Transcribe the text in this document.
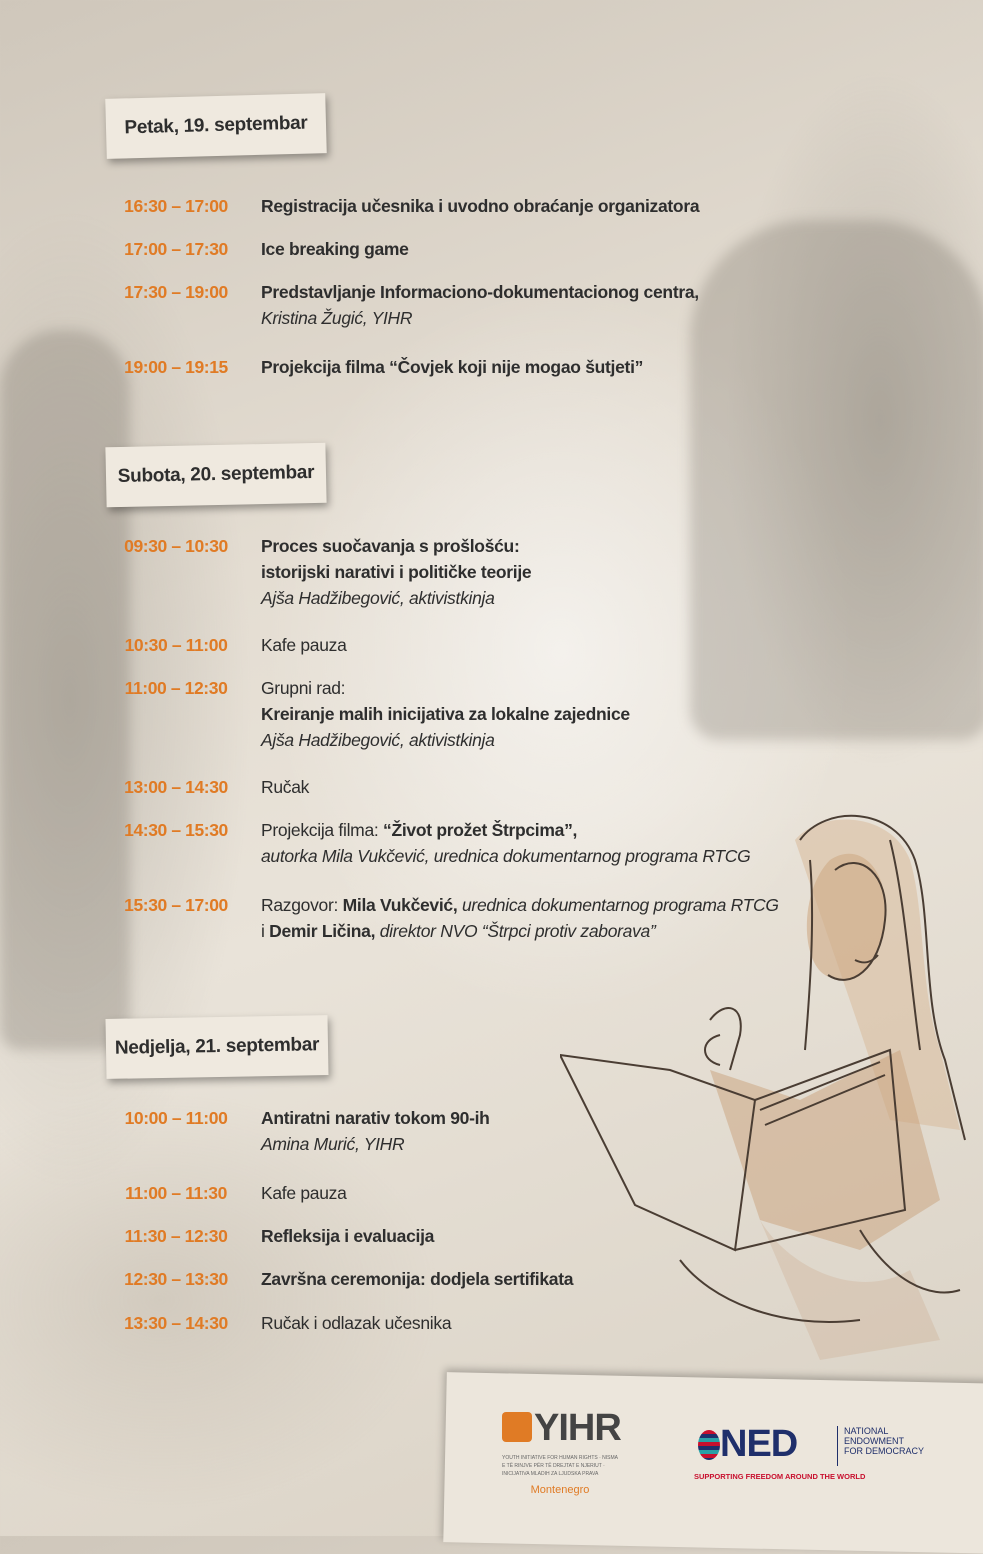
Petak, 19. septembar
Subota, 20. septembar
Nedjelja, 21. septembar
16:30 – 17:00 Registracija učesnika i uvodno obraćanje organizatora
17:00 – 17:30 Ice breaking game
17:30 – 19:00 Predstavljanje Informaciono-dokumentacionog centra,
Kristina Žugić, YIHR
19:00 – 19:15 Projekcija filma “Čovjek koji nije mogao šutjeti”
09:30 – 10:30 Proces suočavanja s prošlošću:
istorijski narativi i političke teorije
Ajša Hadžibegović, aktivistkinja
10:30 – 11:00 Kafe pauza
11:00 – 12:30 Grupni rad:
Kreiranje malih inicijativa za lokalne zajednice
Ajša Hadžibegović, aktivistkinja
13:00 – 14:30 Ručak
14:30 – 15:30 Projekcija filma: “Život prožet Štrpcima”,
autorka Mila Vukčević, urednica dokumentarnog programa RTCG
15:30 – 17:00 Razgovor: Mila Vukčević, urednica dokumentarnog programa RTCG
i Demir Ličina, direktor NVO “Štrpci protiv zaborava”
10:00 – 11:00 Antiratni narativ tokom 90-ih
Amina Murić, YIHR
11:00 – 11:30 Kafe pauza
11:30 – 12:30 Refleksija i evaluacija
12:30 – 13:30 Završna ceremonija: dodjela sertifikata
13:30 – 14:30 Ručak i odlazak učesnika
YIHR
YOUTH INITIATIVE FOR HUMAN RIGHTS · NISMA E TË RINJVE PËR TË DREJTAT E NJERIUT · INICIJATIVA MLADIH ZA LJUDSKA PRAVA
Montenegro
NED	NATIONAL ENDOWMENT FOR DEMOCRACY
SUPPORTING FREEDOM AROUND THE WORLD
